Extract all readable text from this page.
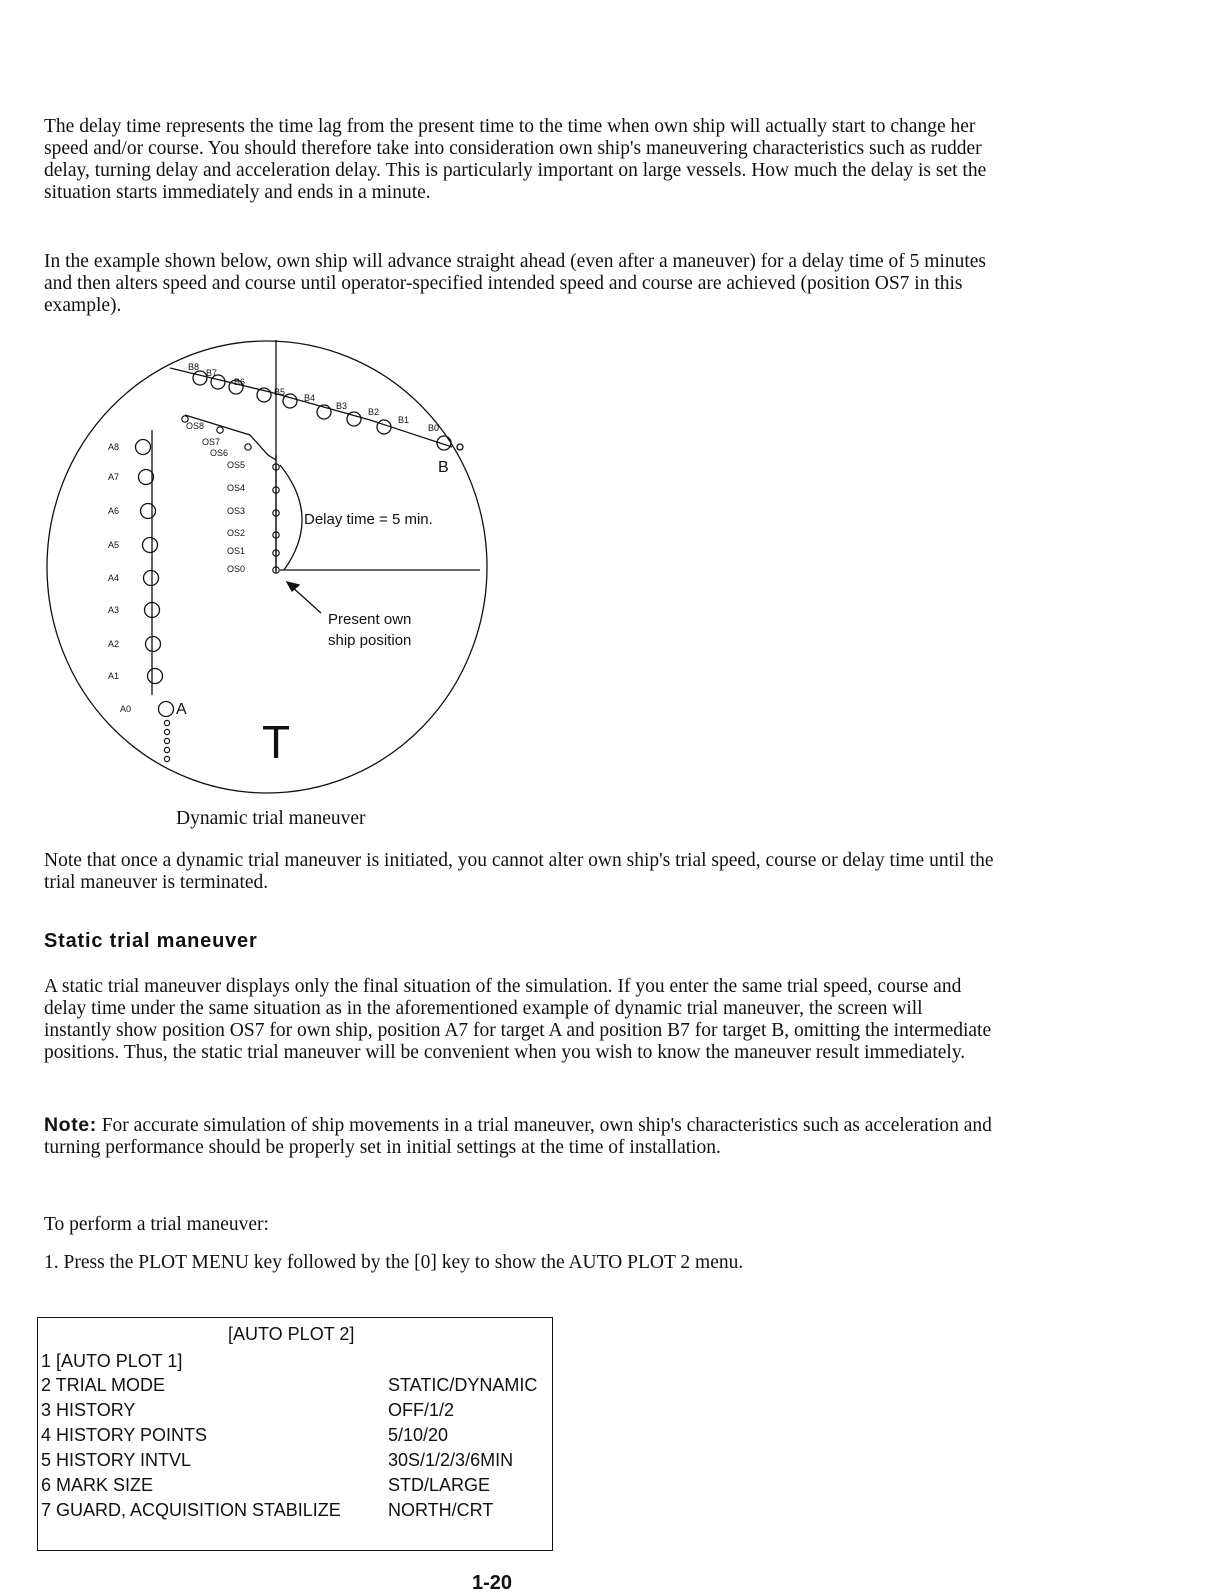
The delay time represents the time lag from the present time to the time when own ship will actually start to change her speed and/or course. You should therefore take into consideration own ship's maneuvering characteristics such as rudder delay, turning delay and acceleration delay. This is particularly important on large vessels. How much the delay is set the situation starts immediately and ends in a minute.

In the example shown below, own ship will advance straight ahead (even after a maneuver) for a delay time of 5 minutes and then alters speed and course until operator-specified intended speed and course are achieved (position OS7 in this example).

A8
A7
A6
A5
A4
A3
A2
A1
A0
OS8
OS7
OS6
OS5
OS4
OS3
OS2
OS1
OS0
B8
B7
B6
B5
B4
B3
B2
B1
B0
Delay time = 5 min.
Present own
ship position
A
B
T
Dynamic trial maneuver

Note that once a dynamic trial maneuver is initiated, you cannot alter own ship's trial speed, course or delay time until the trial maneuver is terminated.

Static trial maneuver

A static trial maneuver displays only the final situation of the simulation. If you enter the same trial speed, course and delay time under the same situation as in the aforementioned example of dynamic trial maneuver, the screen will instantly show position OS7 for own ship, position A7 for target A and position B7 for target B, omitting the intermediate positions. Thus, the static trial maneuver will be convenient when you wish to know the maneuver result immediately.

Note: For accurate simulation of ship movements in a trial maneuver, own ship's characteristics such as acceleration and turning performance should be properly set in initial settings at the time of installation.

To perform a trial maneuver:

1. Press the PLOT MENU key followed by the [0] key to show the AUTO PLOT 2 menu.

[AUTO PLOT 2]
1 [AUTO PLOT 1]
2 TRIAL MODE	STATIC/DYNAMIC
3 HISTORY	OFF/1/2
4 HISTORY POINTS	5/10/20
5 HISTORY INTVL	30S/1/2/3/6MIN
6 MARK SIZE	STD/LARGE
7 GUARD, ACQUISITION STABILIZE	NORTH/CRT
1-20
